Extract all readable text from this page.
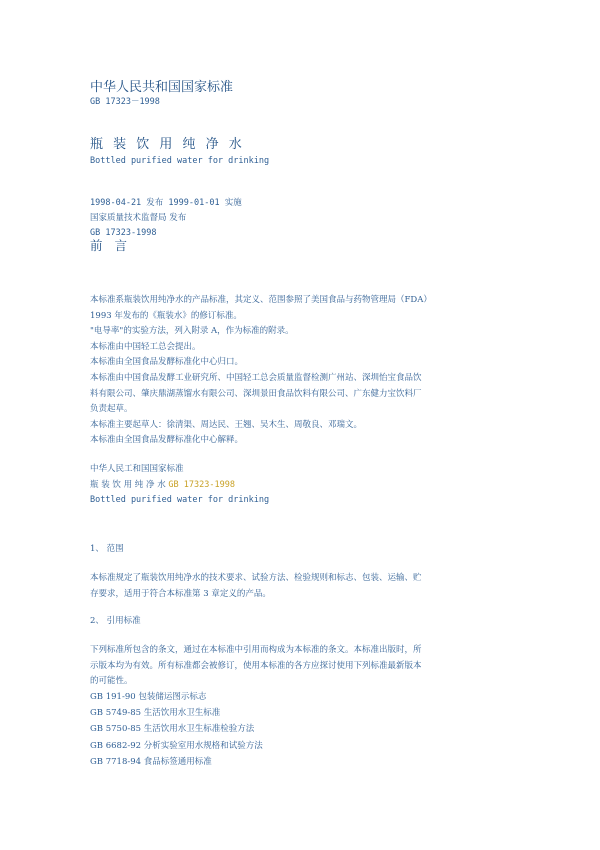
中华人民共和国国家标准
GB 17323－1998
瓶 装 饮 用 纯 净 水
Bottled purified water for drinking
1998-04-21 发布 1999-01-01 实施
国家质量技术监督局 发布
GB 17323-1998
前 言
本标准系瓶装饮用纯净水的产品标准，其定义、范围参照了美国食品与药物管理局（FDA）
1993 年发布的《瓶装水》的修订标准。
"电导率"的实验方法，列入附录 A，作为标准的附录。
本标准由中国轻工总会提出。
本标准由全国食品发酵标准化中心归口。
本标准由中国食品发酵工业研究所、中国轻工总会质量监督检测广州站、深圳怡宝食品饮
料有限公司、肇庆鼎湖蒸馏水有限公司、深圳景田食品饮料有限公司、广东健力宝饮料厂
负责起草。
本标准主要起草人：徐清渠、周达民、王翘、吴木生、周敬良、邓瑞文。
本标准由全国食品发酵标准化中心解释。
中华人民工和国国家标准
瓶 装 饮 用 纯 净 水 GB 17323-1998
Bottled purified water for drinking
1、 范围
本标准规定了瓶装饮用纯净水的技术要求、试验方法、检验规则和标志、包装、运输、贮
存要求，适用于符合本标准第 3 章定义的产品。
2、 引用标准
下列标准所包含的条文，通过在本标准中引用而构成为本标准的条文。本标准出版时，所
示版本均为有效。所有标准都会被修订，使用本标准的各方应探讨使用下列标准最新版本
的可能性。
GB 191-90 包装储运图示标志
GB 5749-85 生活饮用水卫生标准
GB 5750-85 生活饮用水卫生标准检验方法
GB 6682-92 分析实验室用水规格和试验方法
GB 7718-94 食品标签通用标准
